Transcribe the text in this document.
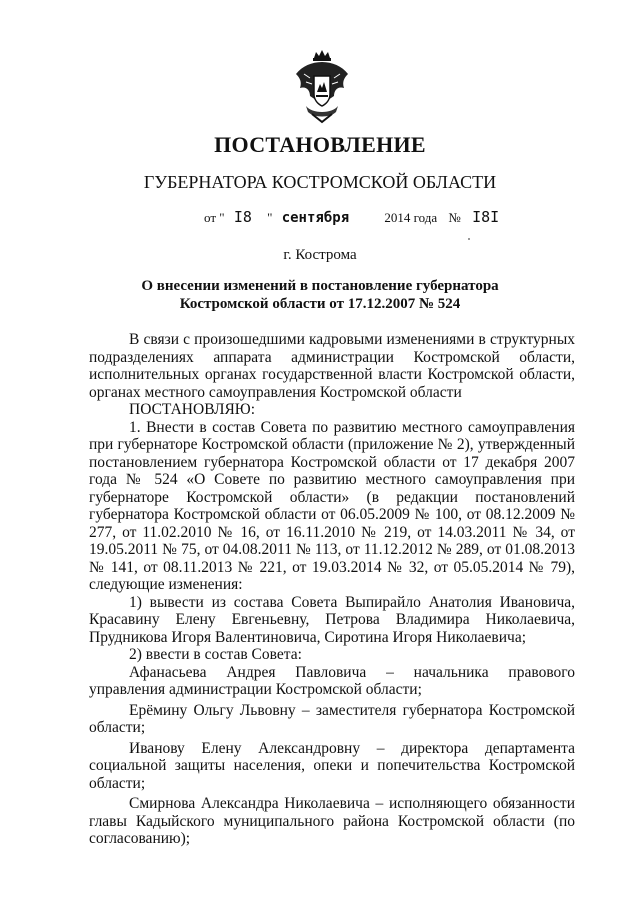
ПОСТАНОВЛЕНИЕ
ГУБЕРНАТОРА КОСТРОМСКОЙ ОБЛАСТИ
от " I8 " сентября	2014 года № I8I
г. Кострома
О внесении изменений в постановление губернатора
Костромской области от 17.12.2007 № 524

В связи с произошедшими кадровыми изменениями в структурных подразделениях аппарата администрации Костромской области, исполнительных органах государственной власти Костромской области, органах местного самоуправления Костромской области

ПОСТАНОВЛЯЮ:

1. Внести в состав Совета по развитию местного самоуправления при губернаторе Костромской области (приложение № 2), утвержденный постановлением губернатора Костромской области от 17 декабря 2007 года № 524 «О Совете по развитию местного самоуправления при губернаторе Костромской области» (в редакции постановлений губернатора Костромской области от 06.05.2009 № 100, от 08.12.2009 № 277, от 11.02.2010 № 16, от 16.11.2010 № 219, от 14.03.2011 № 34, от 19.05.2011 № 75, от 04.08.2011 № 113, от 11.12.2012 № 289, от 01.08.2013 № 141, от 08.11.2013 № 221, от 19.03.2014 № 32, от 05.05.2014 № 79), следующие изменения:

1) вывести из состава Совета Выпирайло Анатолия Ивановича, Красавину Елену Евгеньевну, Петрова Владимира Николаевича, Прудникова Игоря Валентиновича, Сиротина Игоря Николаевича;

2) ввести в состав Совета:

Афанасьева Андрея Павловича – начальника правового управления администрации Костромской области;

Ерёмину Ольгу Львовну – заместителя губернатора Костромской области;

Иванову Елену Александровну – директора департамента социальной защиты населения, опеки и попечительства Костромской области;

Смирнова Александра Николаевича – исполняющего обязанности главы Кадыйского муниципального района Костромской области (по согласованию);
